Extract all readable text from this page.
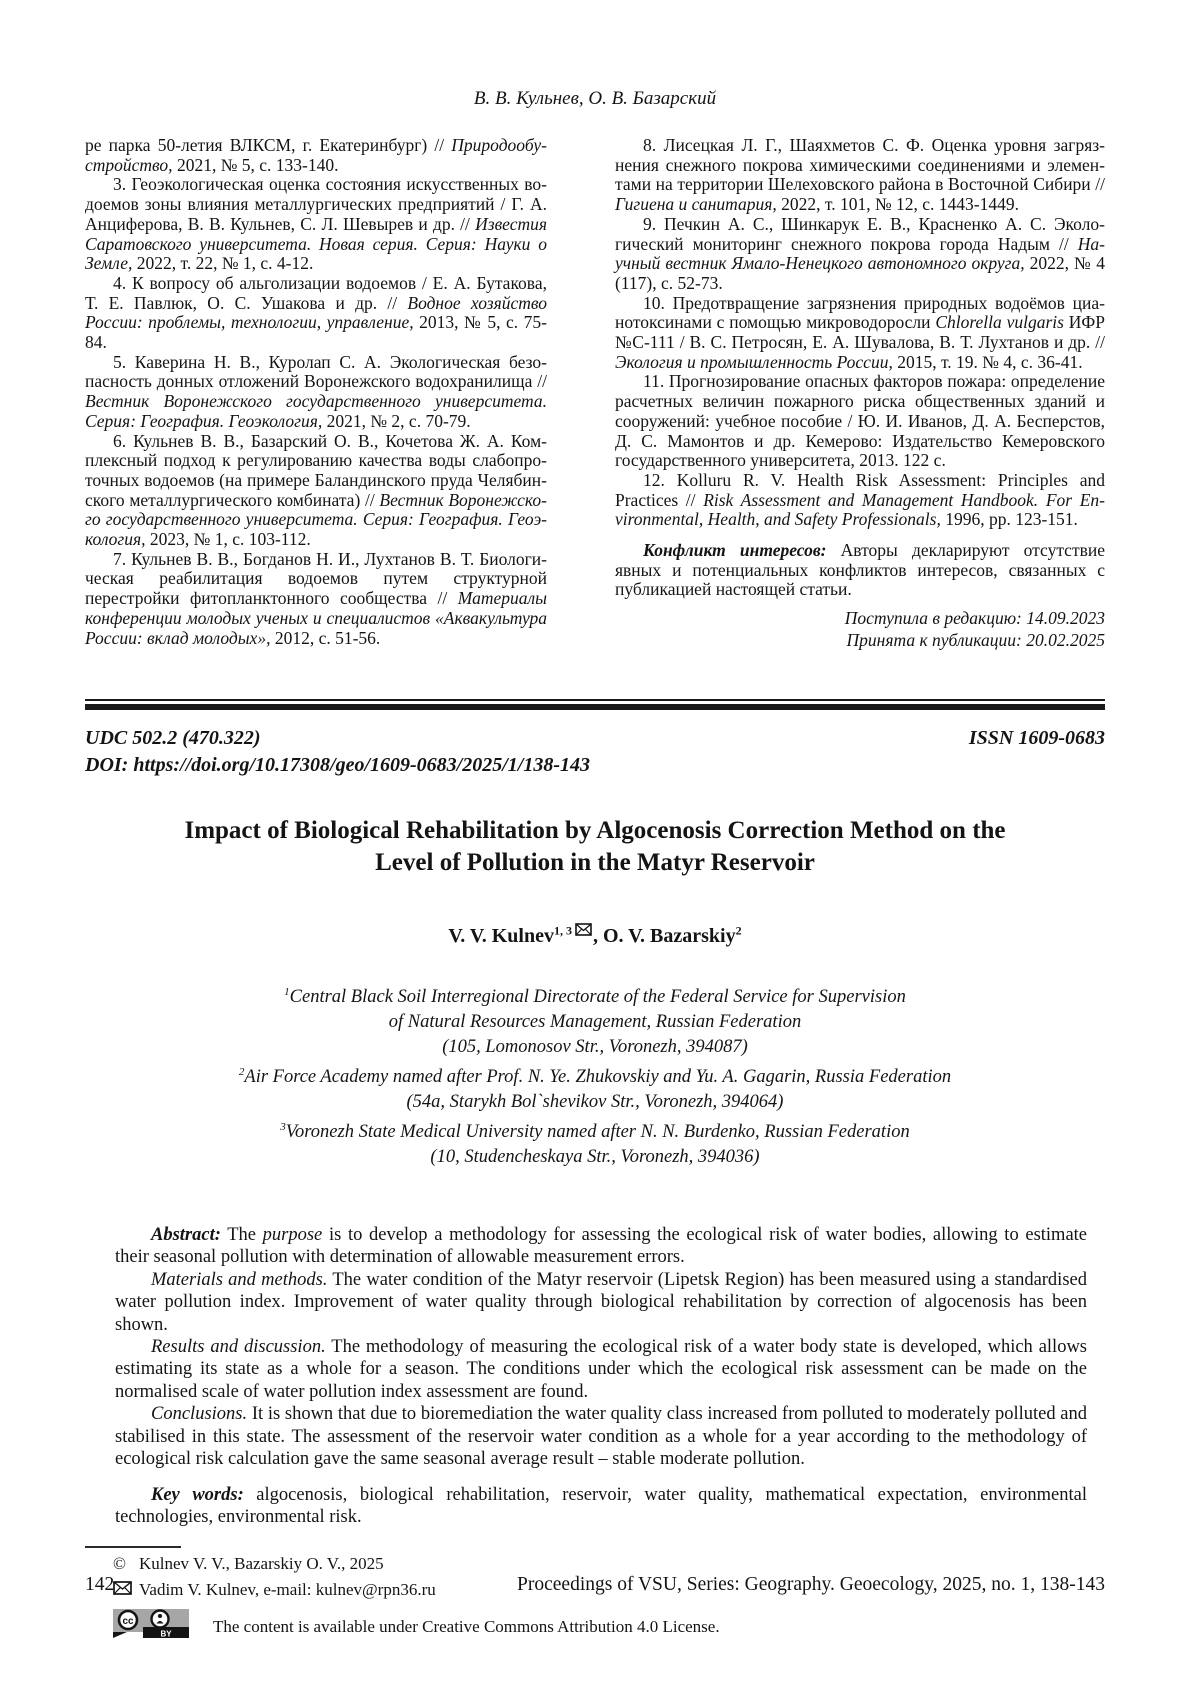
В. В. Кульнев, О. В. Базарский

ре парка 50-летия ВЛКСМ, г. Екатеринбург) // Природообустройство, 2021, № 5, с. 133-140.

3. Геоэкологическая оценка состояния искусственных водоемов зоны влияния металлургических предприятий / Г. А. Анциферова, В. В. Кульнев, С. Л. Шевырев и др. // Известия Саратовского университета. Новая серия. Серия: Науки о Земле, 2022, т. 22, № 1, с. 4-12.

4. К вопросу об альголизации водоемов / Е. А. Бутакова, Т. Е. Павлюк, О. С. Ушакова и др. // Водное хозяйство России: проблемы, технологии, управление, 2013, № 5, с. 75-84.

5. Каверина Н. В., Куролап С. А. Экологическая безопасность донных отложений Воронежского водохранилища // Вестник Воронежского государственного университета. Серия: География. Геоэкология, 2021, № 2, с. 70-79.

6. Кульнев В. В., Базарский О. В., Кочетова Ж. А. Комплексный подход к регулированию качества воды слабопроточных водоемов (на примере Баландинского пруда Челябинского металлургического комбината) // Вестник Воронежского государственного университета. Серия: География. Геоэкология, 2023, № 1, с. 103-112.

7. Кульнев В. В., Богданов Н. И., Лухтанов В. Т. Биологическая реабилитация водоемов путем структурной перестройки фитопланктонного сообщества // Материалы конференции молодых ученых и специалистов «Аквакультура России: вклад молодых», 2012, с. 51-56.

8. Лисецкая Л. Г., Шаяхметов С. Ф. Оценка уровня загрязнения снежного покрова химическими соединениями и элементами на территории Шелеховского района в Восточной Сибири // Гигиена и санитария, 2022, т. 101, № 12, с. 1443-1449.

9. Печкин А. С., Шинкарук Е. В., Красненко А. С. Экологический мониторинг снежного покрова города Надым // Научный вестник Ямало-Ненецкого автономного округа, 2022, № 4 (117), с. 52-73.

10. Предотвращение загрязнения природных водоёмов цианотоксинами с помощью микроводоросли Chlorella vulgaris ИФР №С-111 / В. С. Петросян, Е. А. Шувалова, В. Т. Лухтанов и др. // Экология и промышленность России, 2015, т. 19. № 4, с. 36-41.

11. Прогнозирование опасных факторов пожара: определение расчетных величин пожарного риска общественных зданий и сооружений: учебное пособие / Ю. И. Иванов, Д. А. Бесперстов, Д. С. Мамонтов и др. Кемерово: Издательство Кемеровского государственного университета, 2013. 122 с.

12. Kolluru R. V. Health Risk Assessment: Principles and Practices // Risk Assessment and Management Handbook. For Environmental, Health, and Safety Professionals, 1996, pp. 123-151.

Конфликт интересов: Авторы декларируют отсутствие явных и потенциальных конфликтов интересов, связанных с публикацией настоящей статьи.

Поступила в редакцию: 14.09.2023

Принята к публикации: 20.02.2025

UDC 502.2 (470.322)	ISSN 1609-0683
DOI: https://doi.org/10.17308/geo/1609-0683/2025/1/138-143
Impact of Biological Rehabilitation by Algocenosis Correction Method on the Level of Pollution in the Matyr Reservoir
V. V. Kulnev$^{1, 3}$ , O. V. Bazarskiy$^2$

$^1$Central Black Soil Interregional Directorate of the Federal Service for Supervision

of Natural Resources Management, Russian Federation

(105, Lomonosov Str., Voronezh, 394087)

$^2$Air Force Academy named after Prof. N. Ye. Zhukovskiy and Yu. A. Gagarin, Russia Federation

(54a, Starykh Bol`shevikov Str., Voronezh, 394064)

$^3$Voronezh State Medical University named after N. N. Burdenko, Russian Federation

(10, Studencheskaya Str., Voronezh, 394036)

Abstract: The purpose is to develop a methodology for assessing the ecological risk of water bodies, allowing to estimate their seasonal pollution with determination of allowable measurement errors.

Materials and methods. The water condition of the Matyr reservoir (Lipetsk Region) has been measured using a standardised water pollution index. Improvement of water quality through biological rehabilitation by correction of algocenosis has been shown.

Results and discussion. The methodology of measuring the ecological risk of a water body state is developed, which allows estimating its state as a whole for a season. The conditions under which the ecological risk assessment can be made on the normalised scale of water pollution index assessment are found.

Conclusions. It is shown that due to bioremediation the water quality class increased from polluted to moderately polluted and stabilised in this state. The assessment of the reservoir water condition as a whole for a year according to the methodology of ecological risk calculation gave the same seasonal average result – stable moderate pollution.

Key words: algocenosis, biological rehabilitation, reservoir, water quality, mathematical expectation, environmental technologies, environmental risk.

© Kulnev V. V., Bazarskiy O. V., 2025
Vadim V. Kulnev, e-mail: kulnev@rpn36.ru
cc
BY The content is available under Creative Commons Attribution 4.0 License.
142	Proceedings of VSU, Series: Geography. Geoecology, 2025, no. 1, 138-143
